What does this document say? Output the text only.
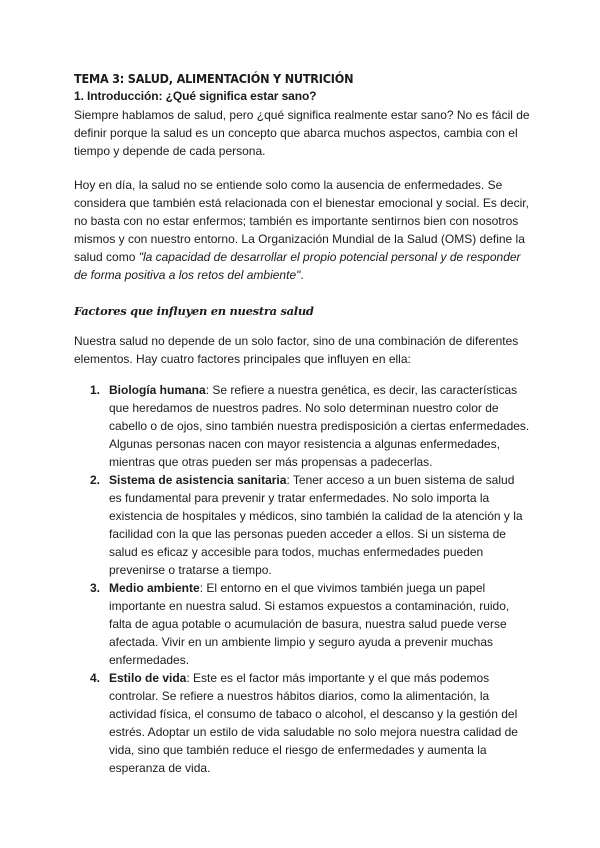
TEMA 3: SALUD, ALIMENTACIÓN Y NUTRICIÓN
1. Introducción: ¿Qué significa estar sano?

Siempre hablamos de salud, pero ¿qué significa realmente estar sano? No es fácil de definir porque la salud es un concepto que abarca muchos aspectos, cambia con el tiempo y depende de cada persona.

Hoy en día, la salud no se entiende solo como la ausencia de enfermedades. Se considera que también está relacionada con el bienestar emocional y social. Es decir, no basta con no estar enfermos; también es importante sentirnos bien con nosotros mismos y con nuestro entorno. La Organización Mundial de la Salud (OMS) define la salud como "la capacidad de desarrollar el propio potencial personal y de responder de forma positiva a los retos del ambiente".

Factores que influyen en nuestra salud

Nuestra salud no depende de un solo factor, sino de una combinación de diferentes elementos. Hay cuatro factores principales que influyen en ella:

1. Biología humana: Se refiere a nuestra genética, es decir, las características que heredamos de nuestros padres. No solo determinan nuestro color de cabello o de ojos, sino también nuestra predisposición a ciertas enfermedades. Algunas personas nacen con mayor resistencia a algunas enfermedades, mientras que otras pueden ser más propensas a padecerlas.
2. Sistema de asistencia sanitaria: Tener acceso a un buen sistema de salud es fundamental para prevenir y tratar enfermedades. No solo importa la existencia de hospitales y médicos, sino también la calidad de la atención y la facilidad con la que las personas pueden acceder a ellos. Si un sistema de salud es eficaz y accesible para todos, muchas enfermedades pueden prevenirse o tratarse a tiempo.
3. Medio ambiente: El entorno en el que vivimos también juega un papel importante en nuestra salud. Si estamos expuestos a contaminación, ruido, falta de agua potable o acumulación de basura, nuestra salud puede verse afectada. Vivir en un ambiente limpio y seguro ayuda a prevenir muchas enfermedades.
4. Estilo de vida: Este es el factor más importante y el que más podemos controlar. Se refiere a nuestros hábitos diarios, como la alimentación, la actividad física, el consumo de tabaco o alcohol, el descanso y la gestión del estrés. Adoptar un estilo de vida saludable no solo mejora nuestra calidad de vida, sino que también reduce el riesgo de enfermedades y aumenta la esperanza de vida.
